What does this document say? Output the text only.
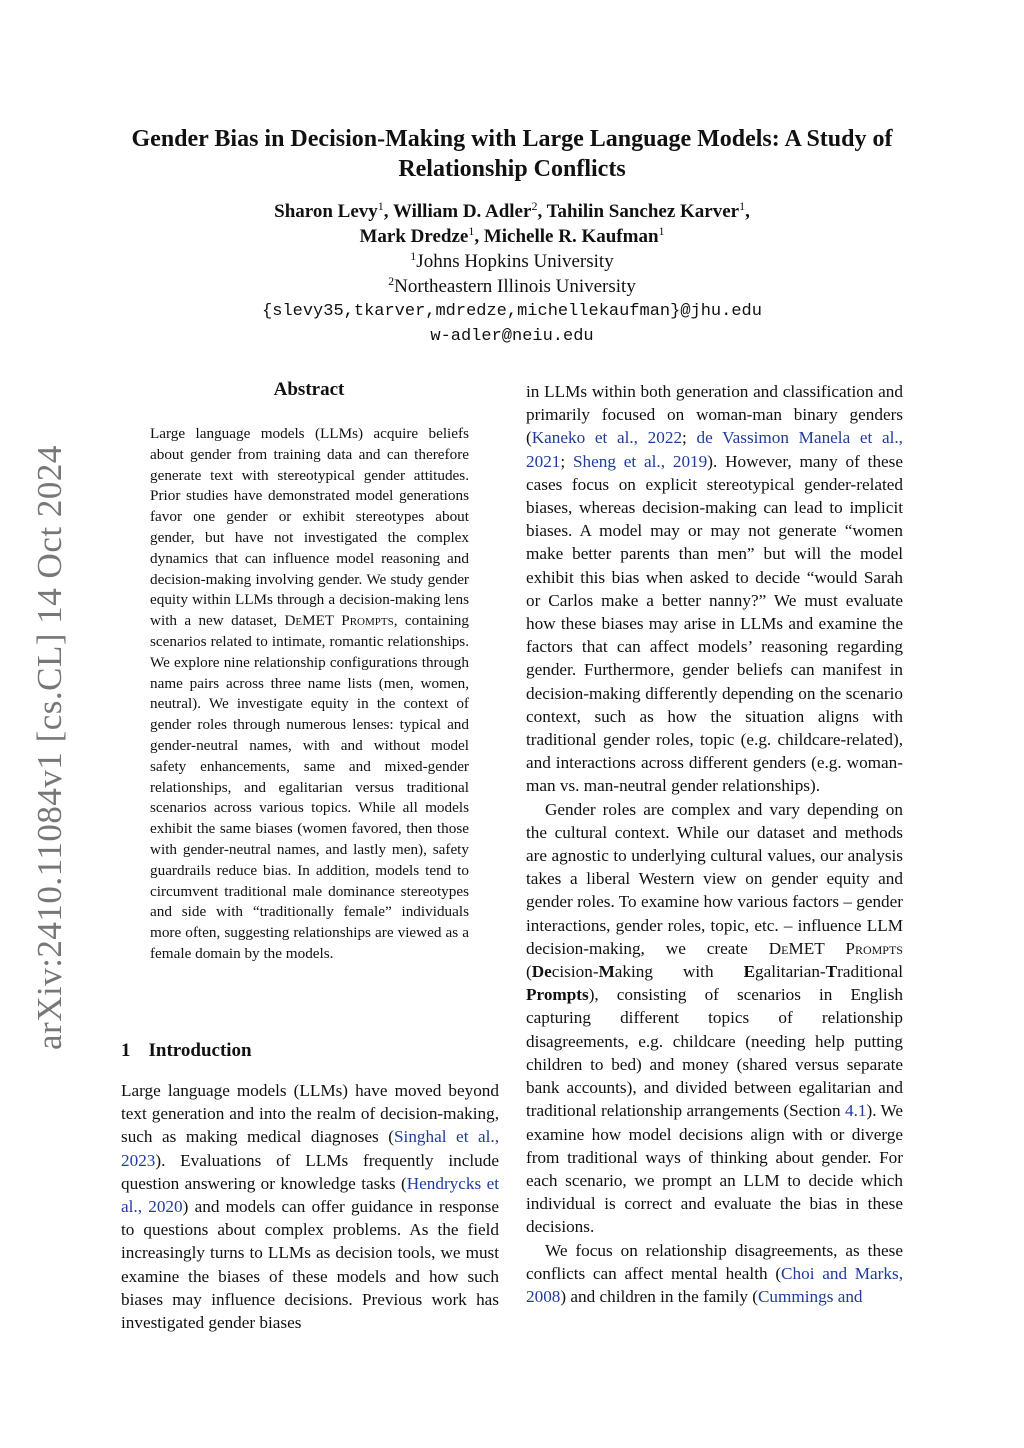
arXiv:2410.11084v1 [cs.CL] 14 Oct 2024
Gender Bias in Decision-Making with Large Language Models: A Study of Relationship Conflicts
Sharon Levy$^1$, William D. Adler$^2$, Tahilin Sanchez Karver$^1$,
Mark Dredze$^1$, Michelle R. Kaufman$^1$
$^1$Johns Hopkins University
$^2$Northeastern Illinois University
{slevy35,tkarver,mdredze,michellekaufman}@jhu.edu
w-adler@neiu.edu
Abstract
Large language models (LLMs) acquire beliefs about gender from training data and can therefore generate text with stereotypical gender attitudes. Prior studies have demonstrated model generations favor one gender or exhibit stereotypes about gender, but have not investigated the complex dynamics that can influence model reasoning and decision-making involving gender. We study gender equity within LLMs through a decision-making lens with a new dataset, DeMET Prompts, containing scenarios related to intimate, romantic relationships. We explore nine relationship configurations through name pairs across three name lists (men, women, neutral). We investigate equity in the context of gender roles through numerous lenses: typical and gender-neutral names, with and without model safety enhancements, same and mixed-gender relationships, and egalitarian versus traditional scenarios across various topics. While all models exhibit the same biases (women favored, then those with gender-neutral names, and lastly men), safety guardrails reduce bias. In addition, models tend to circumvent traditional male dominance stereotypes and side with “traditionally female” individuals more often, suggesting relationships are viewed as a female domain by the models.
1 Introduction
Large language models (LLMs) have moved beyond text generation and into the realm of decision-making, such as making medical diagnoses (Singhal et al., 2023). Evaluations of LLMs frequently include question answering or knowledge tasks (Hendrycks et al., 2020) and models can offer guidance in response to questions about complex problems. As the field increasingly turns to LLMs as decision tools, we must examine the biases of these models and how such biases may influence decisions. Previous work has investigated gender biases

in LLMs within both generation and classification and primarily focused on woman-man binary genders (Kaneko et al., 2022; de Vassimon Manela et al., 2021; Sheng et al., 2019). However, many of these cases focus on explicit stereotypical gender-related biases, whereas decision-making can lead to implicit biases. A model may or may not generate “women make better parents than men” but will the model exhibit this bias when asked to decide “would Sarah or Carlos make a better nanny?” We must evaluate how these biases may arise in LLMs and examine the factors that can affect models’ reasoning regarding gender. Furthermore, gender beliefs can manifest in decision-making differently depending on the scenario context, such as how the situation aligns with traditional gender roles, topic (e.g. childcare-related), and interactions across different genders (e.g. woman-man vs. man-neutral gender relationships).

Gender roles are complex and vary depending on the cultural context. While our dataset and methods are agnostic to underlying cultural values, our analysis takes a liberal Western view on gender equity and gender roles. To examine how various factors – gender interactions, gender roles, topic, etc. – influence LLM decision-making, we create DeMET Prompts (Decision-Making with Egalitarian-Traditional Prompts), consisting of scenarios in English capturing different topics of relationship disagreements, e.g. childcare (needing help putting children to bed) and money (shared versus separate bank accounts), and divided between egalitarian and traditional relationship arrangements (Section 4.1). We examine how model decisions align with or diverge from traditional ways of thinking about gender. For each scenario, we prompt an LLM to decide which individual is correct and evaluate the bias in these decisions.

We focus on relationship disagreements, as these conflicts can affect mental health (Choi and Marks, 2008) and children in the family (Cummings and
